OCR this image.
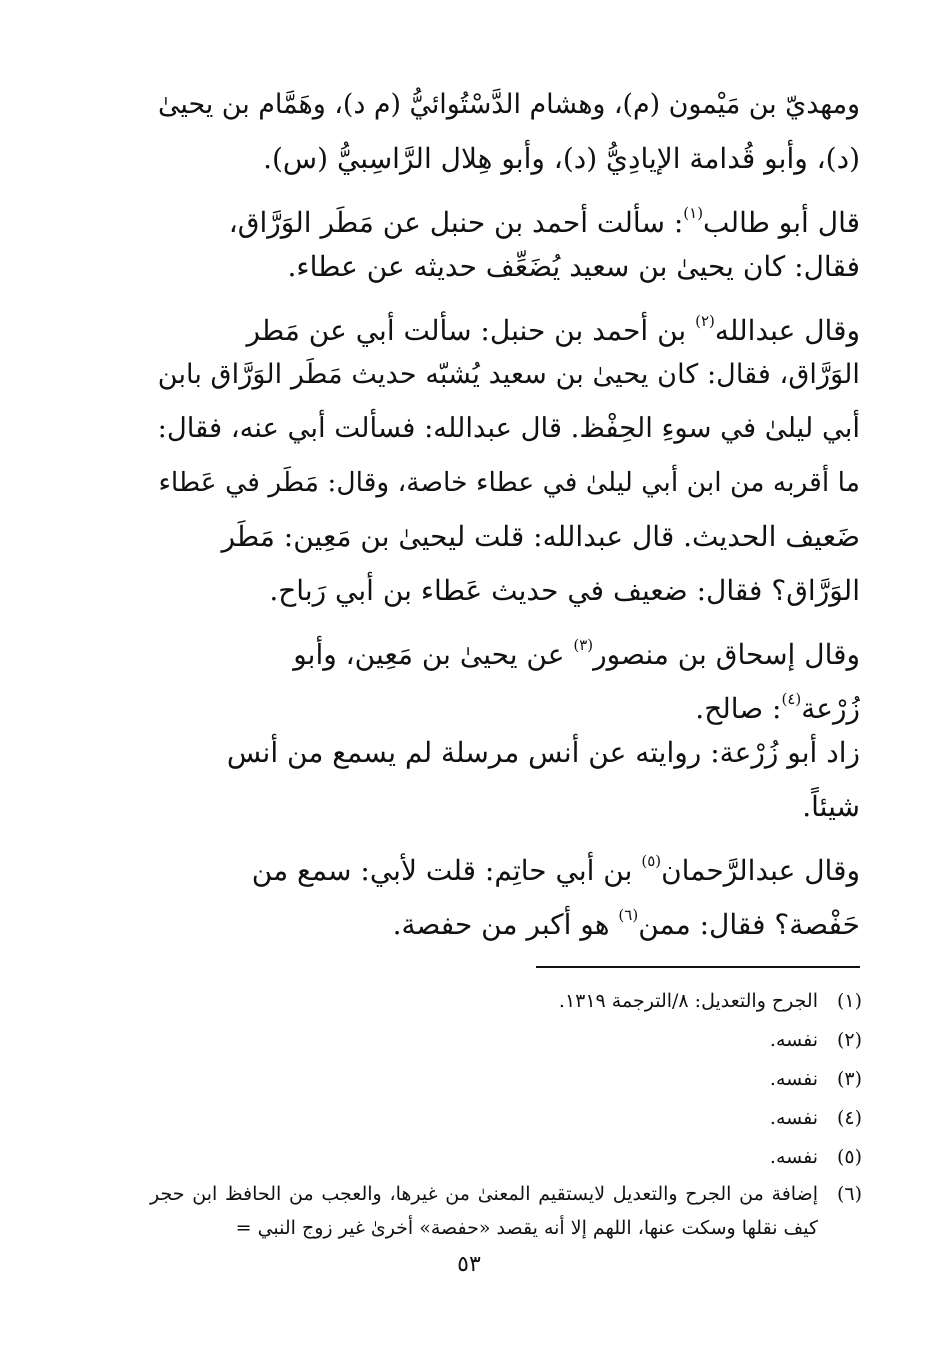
ومهديّ بن مَيْمون (م)، وهشام الدَّسْتُوائيُّ (م د)، وهَمَّام بن يحيىٰ
(د)، وأبو قُدامة الإيادِيُّ (د)، وأبو هِلال الرَّاسِبيُّ (س).
قال أبو طالب$^{(١)}$: سألت أحمد بن حنبل عن مَطَر الوَرَّاق،
فقال: كان يحيىٰ بن سعيد يُضَعِّف حديثه عن عطاء.
وقال عبدالله$^{(٢)}$ بن أحمد بن حنبل: سألت أبي عن مَطر
الوَرَّاق، فقال: كان يحيىٰ بن سعيد يُشبّه حديث مَطَر الوَرَّاق بابن
أبي ليلىٰ في سوءِ الحِفْظ. قال عبدالله: فسألت أبي عنه، فقال:
ما أقربه من ابن أبي ليلىٰ في عطاء خاصة، وقال: مَطَر في عَطاء
ضَعيف الحديث. قال عبدالله: قلت ليحيىٰ بن مَعِين: مَطَر
الوَرَّاق؟ فقال: ضعيف في حديث عَطاء بن أبي رَباح.
وقال إسحاق بن منصور$^{(٣)}$ عن يحيىٰ بن مَعِين، وأبو
زُرْعة$^{(٤)}$: صالح.
زاد أبو زُرْعة: روايته عن أنس مرسلة لم يسمع من أنس
شيئاً.
وقال عبدالرَّحمان$^{(٥)}$ بن أبي حاتِم: قلت لأبي: سمع من
حَفْصة؟ فقال: ممن$^{(٦)}$ هو أكبر من حفصة.
(١)
الجرح والتعديل: ٨/الترجمة ١٣١٩.
(٢)
نفسه.
(٣)
نفسه.
(٤)
نفسه.
(٥)
نفسه.
(٦)
إضافة من الجرح والتعديل لايستقيم المعنىٰ من غيرها، والعجب من الحافظ ابن حجر كيف نقلها وسكت عنها، اللهم إلا أنه يقصد «حفصة» أخرىٰ غير زوج النبي =
٥٣
